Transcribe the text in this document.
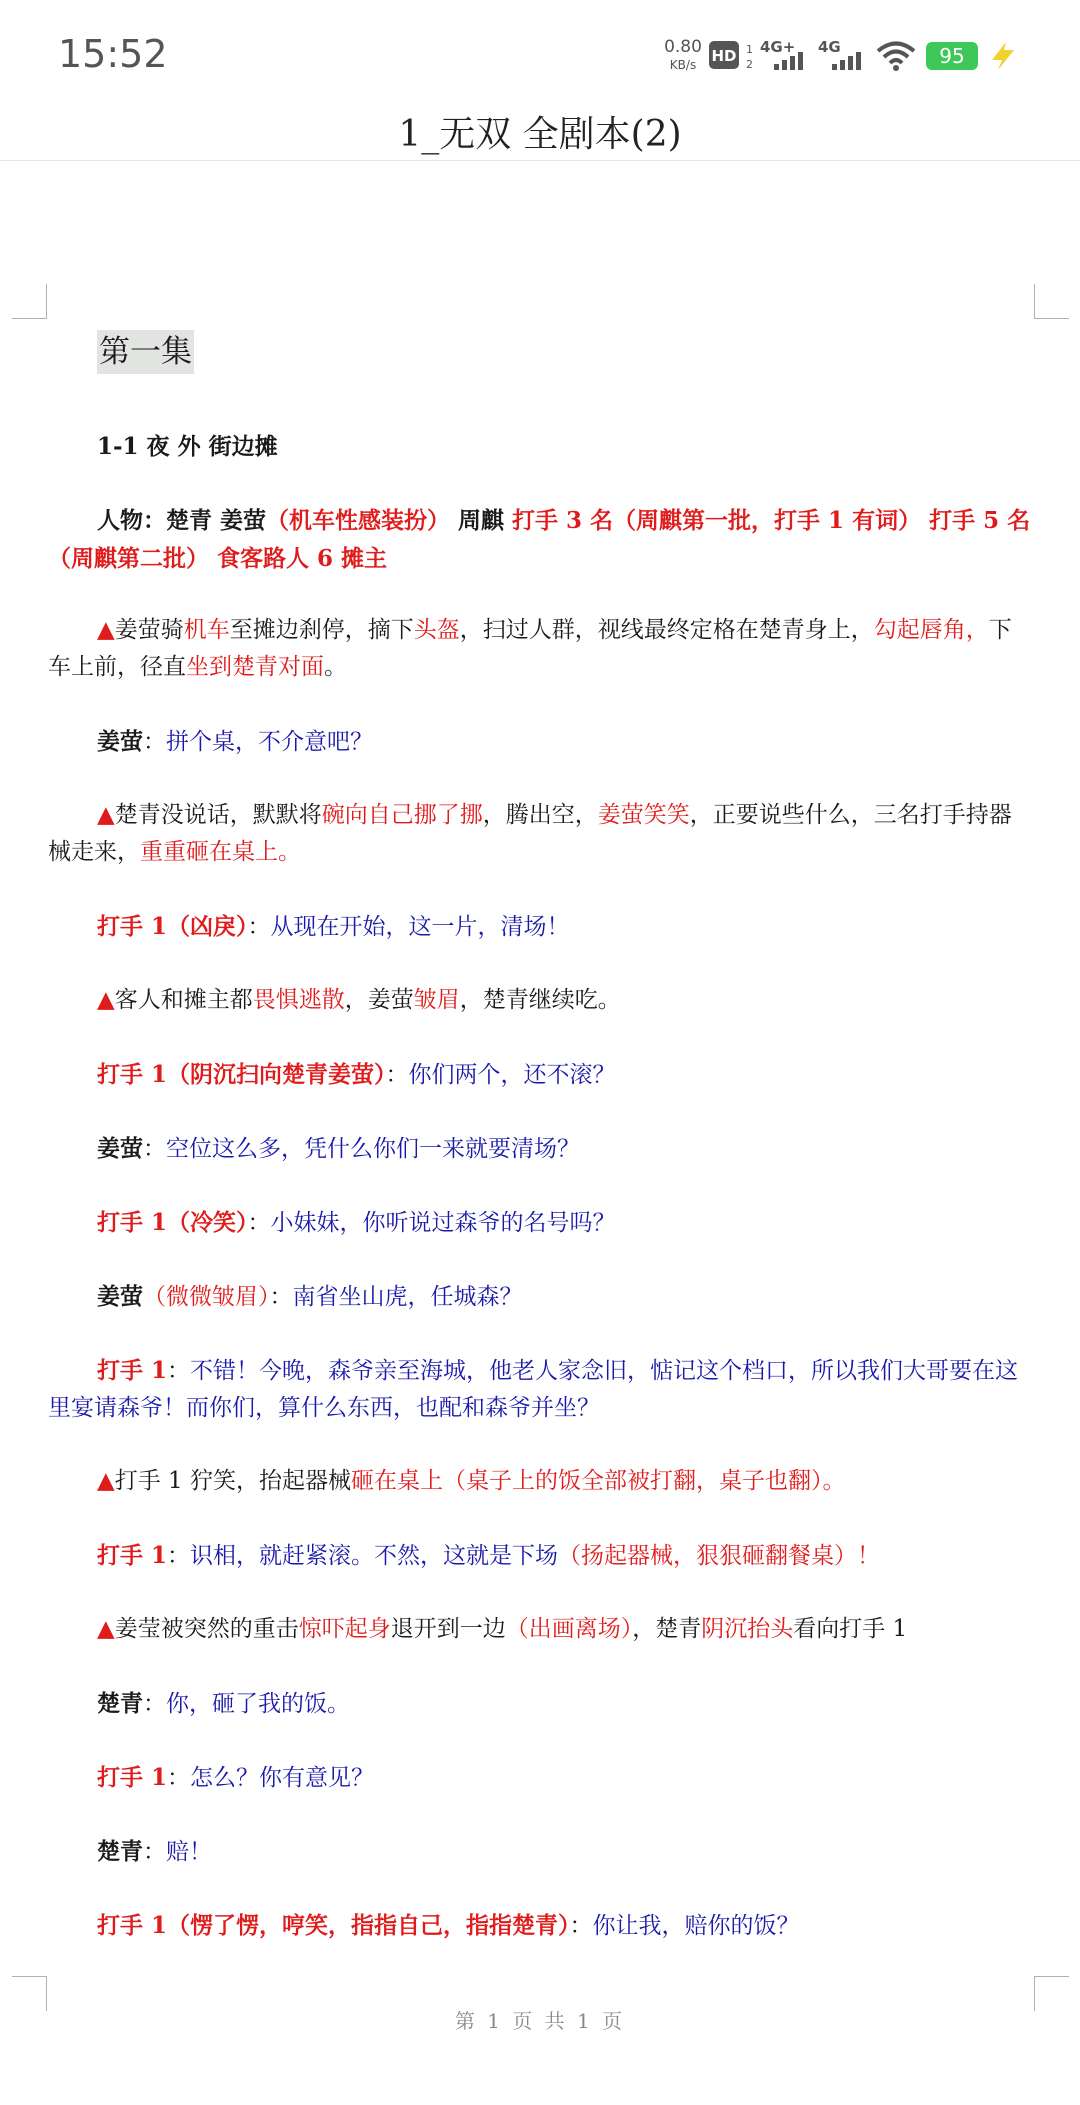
15:52	0.80
KB/s	HD 1
2
4G+ 4G	95
1_无双 全剧本(2)
第一集
1-1 夜 外 街边摊
人物：楚青 姜萤（机车性感装扮） 周麒 打手 3 名（周麒第一批，打手 1 有词） 打手 5 名（周麒第二批） 食客路人 6 摊主
▲姜萤骑机车至摊边刹停，摘下头盔，扫过人群，视线最终定格在楚青身上，勾起唇角，下车上前，径直坐到楚青对面。
姜萤：拼个桌，不介意吧？
▲楚青没说话，默默将碗向自己挪了挪，腾出空，姜萤笑笑，正要说些什么，三名打手持器械走来，重重砸在桌上。
打手 1（凶戾）：从现在开始，这一片，清场！
▲客人和摊主都畏惧逃散，姜萤皱眉，楚青继续吃。
打手 1（阴沉扫向楚青姜萤）：你们两个，还不滚？
姜萤：空位这么多，凭什么你们一来就要清场？
打手 1（冷笑）：小妹妹，你听说过森爷的名号吗？
姜萤（微微皱眉）：南省坐山虎，任城森？
打手 1：不错！今晚，森爷亲至海城，他老人家念旧，惦记这个档口，所以我们大哥要在这里宴请森爷！而你们，算什么东西，也配和森爷并坐？
▲打手 1 狞笑，抬起器械砸在桌上（桌子上的饭全部被打翻，桌子也翻）。
打手 1：识相，就赶紧滚。不然，这就是下场（扬起器械，狠狠砸翻餐桌）！
▲姜莹被突然的重击惊吓起身退开到一边（出画离场），楚青阴沉抬头看向打手 1
楚青：你，砸了我的饭。
打手 1：怎么？你有意见？
楚青：赔！
打手 1（愣了愣，哼笑，指指自己，指指楚青）：你让我，赔你的饭？
第 1 页 共 1 页
